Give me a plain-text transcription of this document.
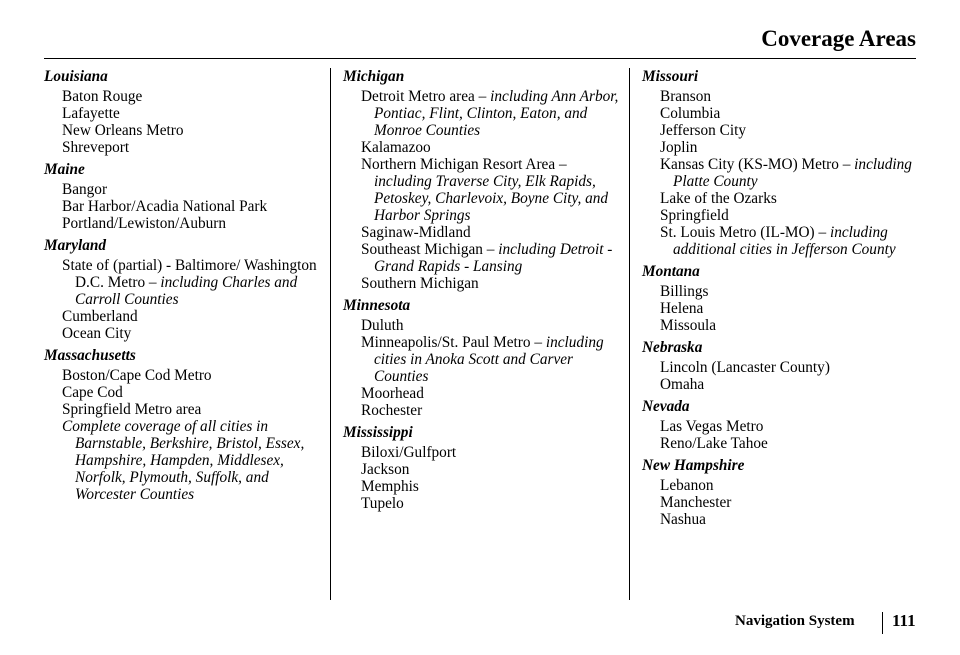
Coverage Areas
Louisiana
Baton Rouge
Lafayette
New Orleans Metro
Shreveport
Maine
Bangor
Bar Harbor/Acadia National Park
Portland/Lewiston/Auburn
Maryland
State of (partial) - Baltimore/ Washington D.C. Metro – including Charles and Carroll Counties
Cumberland
Ocean City
Massachusetts
Boston/Cape Cod Metro
Cape Cod
Springfield Metro area
Complete coverage of all cities in Barnstable, Berkshire, Bristol, Essex, Hampshire, Hampden, Middlesex, Norfolk, Plymouth, Suffolk, and Worcester Counties
Michigan
Detroit Metro area – including Ann Arbor, Pontiac, Flint, Clinton, Eaton, and Monroe Counties
Kalamazoo
Northern Michigan Resort Area – including Traverse City, Elk Rapids, Petoskey, Charlevoix, Boyne City, and Harbor Springs
Saginaw-Midland
Southeast Michigan – including Detroit - Grand Rapids - Lansing
Southern Michigan
Minnesota
Duluth
Minneapolis/St. Paul Metro – including cities in Anoka Scott and Carver Counties
Moorhead
Rochester
Mississippi
Biloxi/Gulfport
Jackson
Memphis
Tupelo
Missouri
Branson
Columbia
Jefferson City
Joplin
Kansas City (KS-MO) Metro – including Platte County
Lake of the Ozarks
Springfield
St. Louis Metro (IL-MO) – including additional cities in Jefferson County
Montana
Billings
Helena
Missoula
Nebraska
Lincoln (Lancaster County)
Omaha
Nevada
Las Vegas Metro
Reno/Lake Tahoe
New Hampshire
Lebanon
Manchester
Nashua
Navigation System 111
